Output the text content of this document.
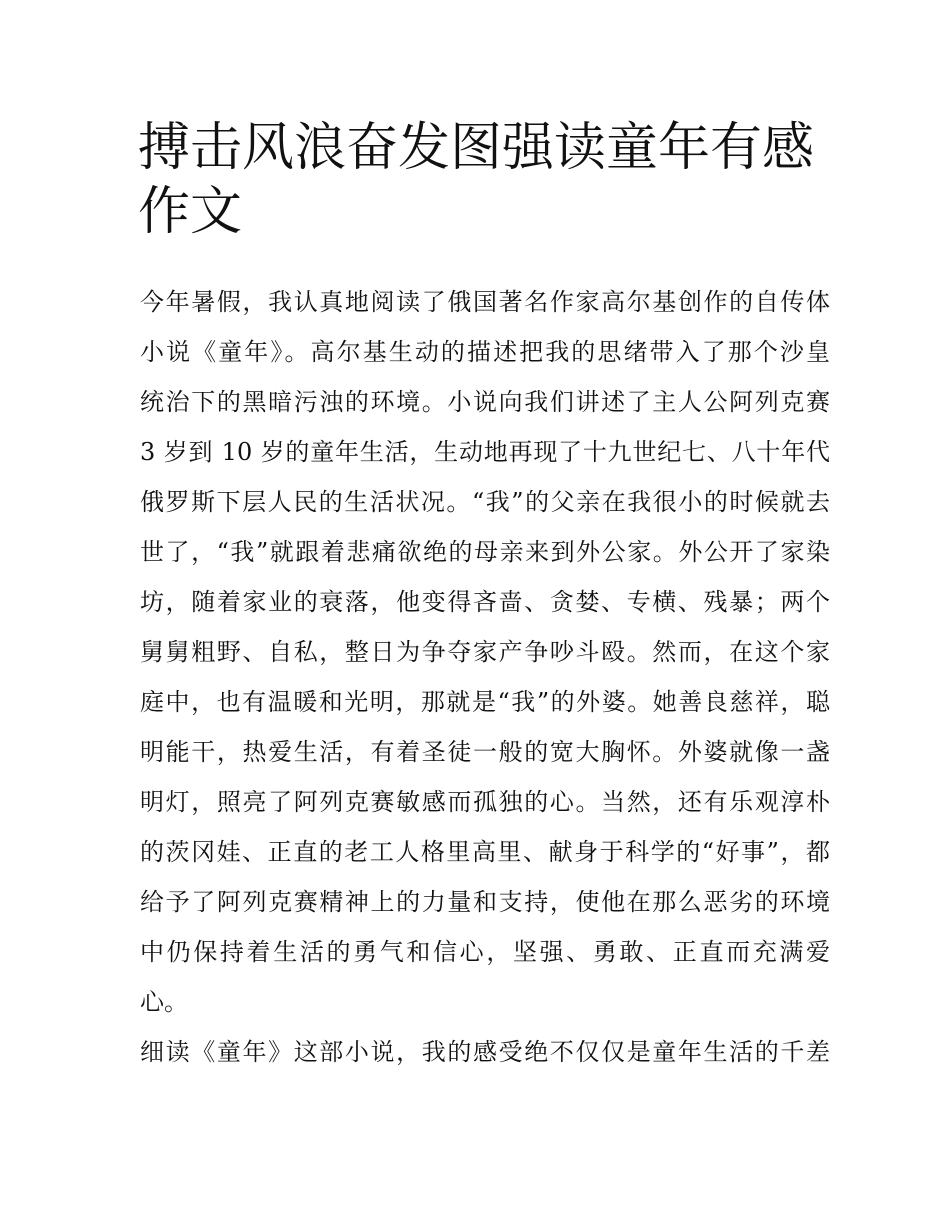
搏击风浪奋发图强读童年有感
作文

今年暑假，我认真地阅读了俄国著名作家高尔基创作的自传体

小说《童年》。高尔基生动的描述把我的思绪带入了那个沙皇

统治下的黑暗污浊的环境。小说向我们讲述了主人公阿列克赛

3 岁到 10 岁的童年生活，生动地再现了十九世纪七、八十年代

俄罗斯下层人民的生活状况。“我”的父亲在我很小的时候就去

世了，“我”就跟着悲痛欲绝的母亲来到外公家。外公开了家染

坊，随着家业的衰落，他变得吝啬、贪婪、专横、残暴；两个

舅舅粗野、自私，整日为争夺家产争吵斗殴。然而，在这个家

庭中，也有温暖和光明，那就是“我”的外婆。她善良慈祥，聪

明能干，热爱生活，有着圣徒一般的宽大胸怀。外婆就像一盏

明灯，照亮了阿列克赛敏感而孤独的心。当然，还有乐观淳朴

的茨冈娃、正直的老工人格里高里、献身于科学的“好事”，都

给予了阿列克赛精神上的力量和支持，使他在那么恶劣的环境

中仍保持着生活的勇气和信心，坚强、勇敢、正直而充满爱

心。

细读《童年》这部小说，我的感受绝不仅仅是童年生活的千差
